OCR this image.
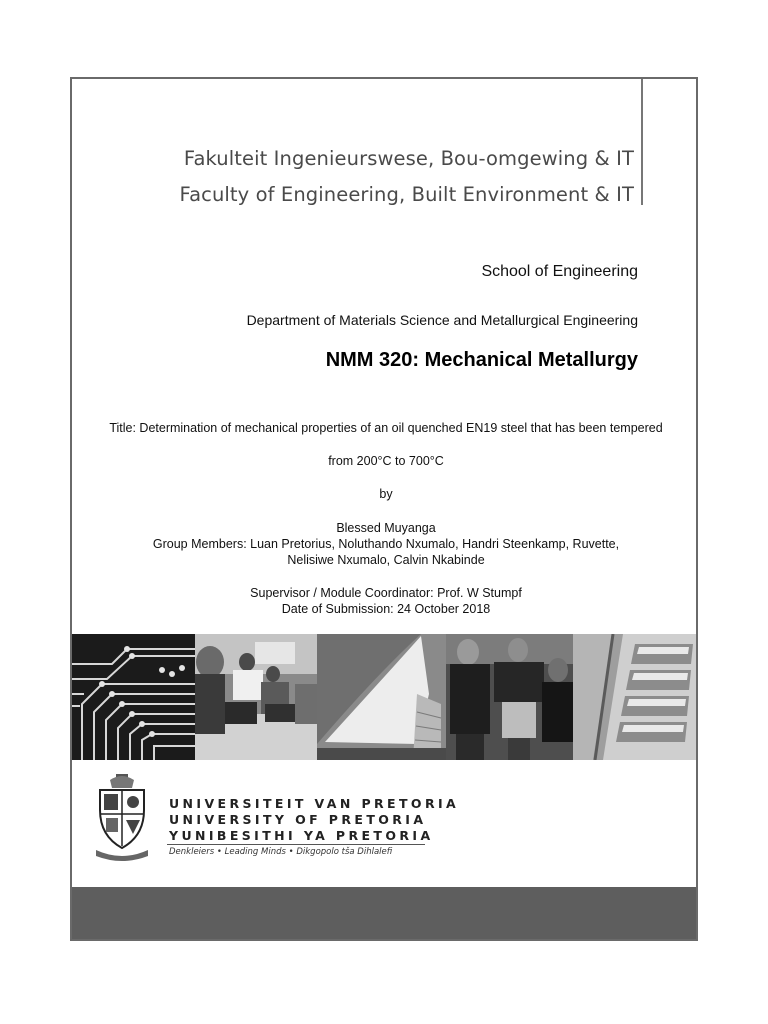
Fakulteit Ingenieurswese, Bou-omgewing & IT
Faculty of Engineering, Built Environment & IT
School of Engineering
Department of Materials Science and Metallurgical Engineering
NMM 320: Mechanical Metallurgy
Title: Determination of mechanical properties of an oil quenched EN19 steel that has been tempered
from 200°C to 700°C
by
Blessed Muyanga
Group Members: Luan Pretorius, Noluthando Nxumalo, Handri Steenkamp, Ruvette,
Nelisiwe Nxumalo, Calvin Nkabinde
Supervisor / Module Coordinator: Prof. W Stumpf
Date of Submission: 24 October 2018
UNIVERSITEIT VAN PRETORIA
UNIVERSITY OF PRETORIA
YUNIBESITHI YA PRETORIA
Denkleiers • Leading Minds • Dikgopolo tša Dihlalefi
